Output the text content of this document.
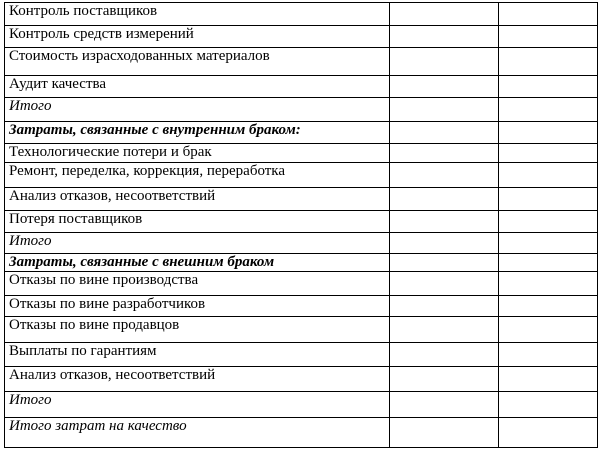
Контроль поставщиков		
Контроль средств измерений		
Стоимость израсходованных материалов		
Аудит качества		
Итого		
Затраты, связанные с внутренним браком:		
Технологические потери и брак		
Ремонт, переделка, коррекция, переработка		
Анализ отказов, несоответствий		
Потеря поставщиков		
Итого		
Затраты, связанные с внешним браком		
Отказы по вине производства		
Отказы по вине разработчиков		
Отказы по вине продавцов		
Выплаты по гарантиям		
Анализ отказов, несоответствий		
Итого		
Итого затрат на качество		
